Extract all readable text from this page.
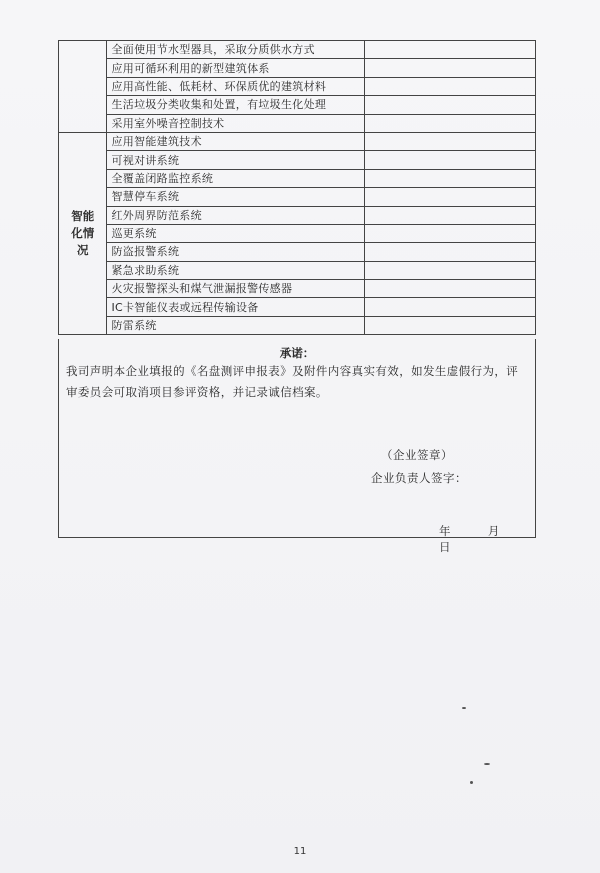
	全面使用节水型器具，采取分质供水方式	
	应用可循环利用的新型建筑体系	
	应用高性能、低耗材、环保质优的建筑材料	
	生活垃圾分类收集和处置，有垃圾生化处理	
	采用室外噪音控制技术	
智能化情况	应用智能建筑技术	
	可视对讲系统	
	全覆盖闭路监控系统	
	智慧停车系统	
	红外周界防范系统	
	巡更系统	
	防盗报警系统	
	紧急求助系统	
	火灾报警探头和煤气泄漏报警传感器	
	IC卡智能仪表或远程传输设备	
	防雷系统	
承诺：
我司声明本企业填报的《名盘测评申报表》及附件内容真实有效，如发生虚假行为，评审委员会可取消项目参评资格，并记录诚信档案。
（企业签章）
企业负责人签字：
年	月  日
11
